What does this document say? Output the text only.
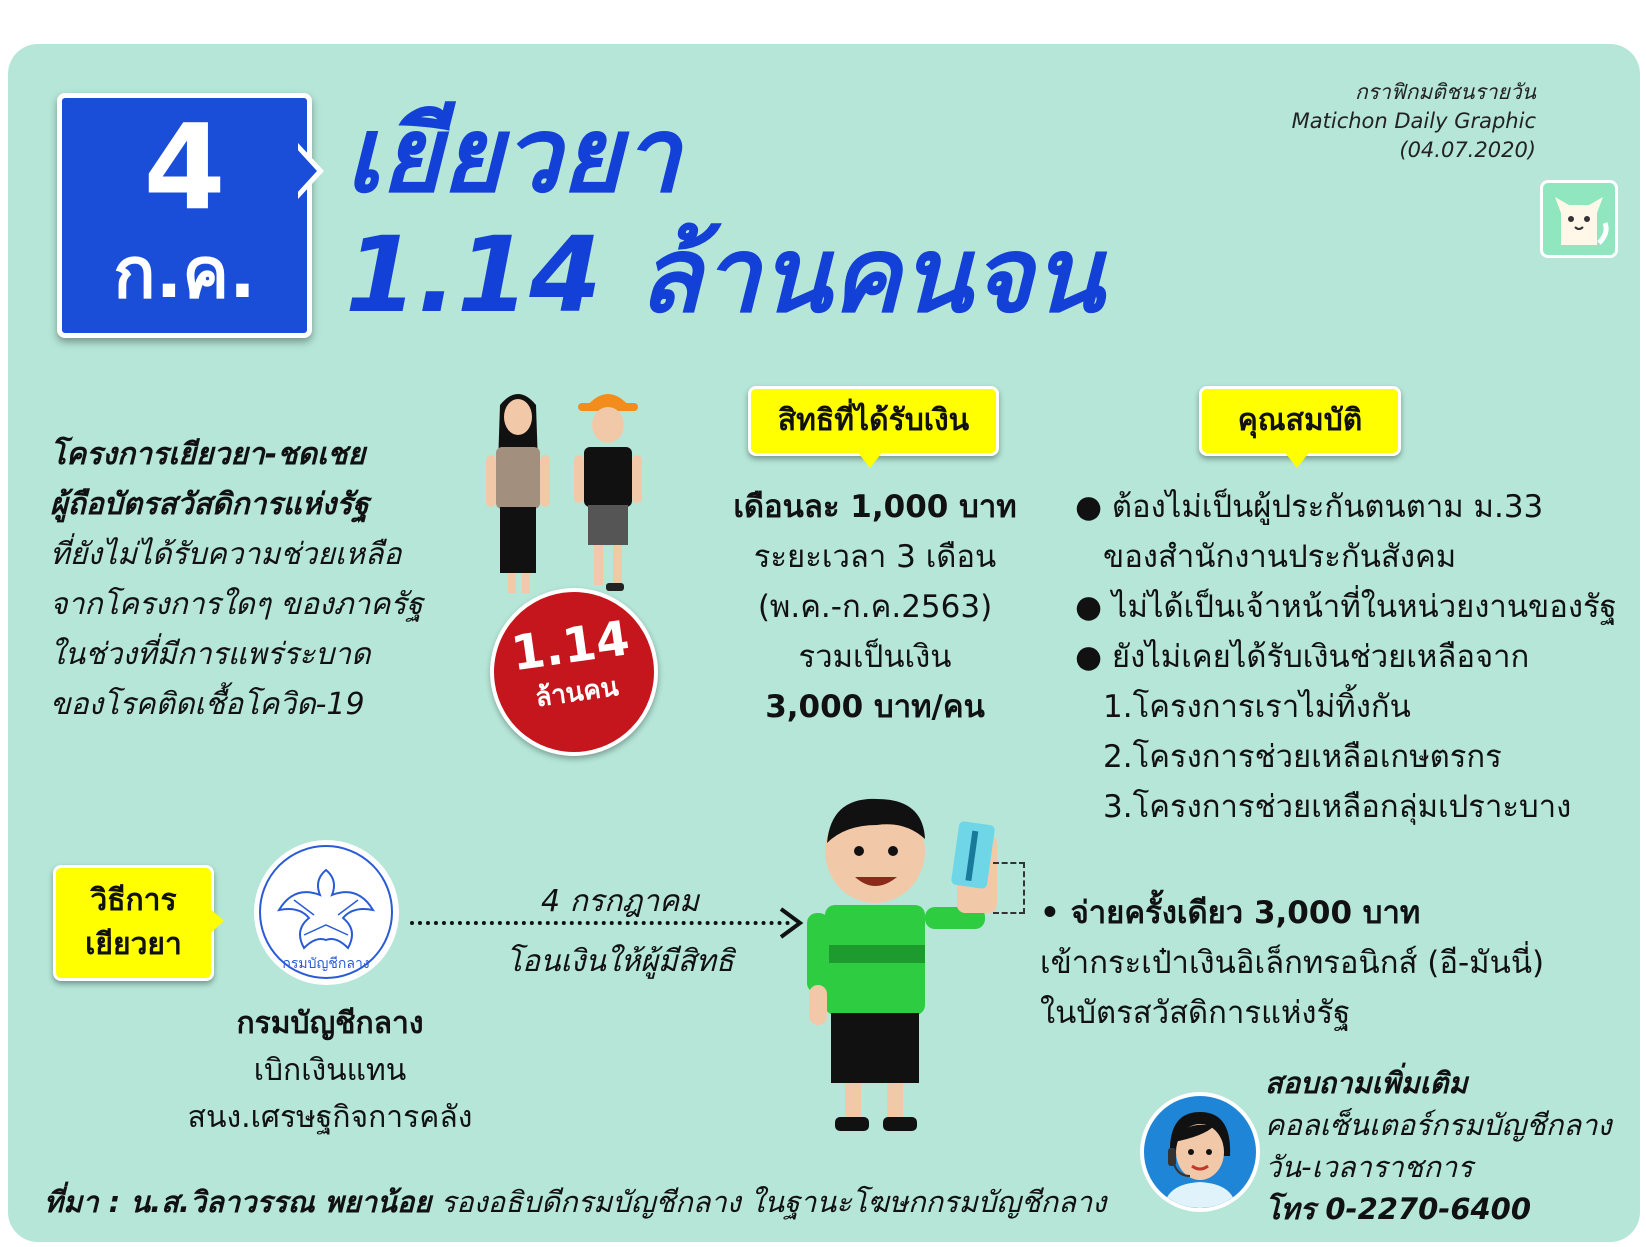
4
ก.ค.
เยียวยา
1.14 ล้านคนจน
กราฟิกมติชนรายวัน
Matichon Daily Graphic
(04.07.2020)
โครงการเยียวยา-ชดเชย
ผู้ถือบัตรสวัสดิการแห่งรัฐ
ที่ยังไม่ได้รับความช่วยเหลือ
จากโครงการใดๆ ของภาครัฐ
ในช่วงที่มีการแพร่ระบาด
ของโรคติดเชื้อโควิด-19
1.14
ล้านคน
สิทธิที่ได้รับเงิน
เดือนละ 1,000 บาท
ระยะเวลา 3 เดือน
(พ.ค.-ก.ค.2563)
รวมเป็นเงิน
3,000 บาท/คน
คุณสมบัติ
● ต้องไม่เป็นผู้ประกันตนตาม ม.33
ของสำนักงานประกันสังคม
● ไม่ได้เป็นเจ้าหน้าที่ในหน่วยงานของรัฐ
● ยังไม่เคยได้รับเงินช่วยเหลือจาก
1.โครงการเราไม่ทิ้งกัน
2.โครงการช่วยเหลือเกษตรกร
3.โครงการช่วยเหลือกลุ่มเปราะบาง
วิธีการ เยียวยา
กรมบัญชีกลาง
กรมบัญชีกลาง
เบิกเงินแทน
สนง.เศรษฐกิจการคลัง
4 กรกฎาคม
โอนเงินให้ผู้มีสิทธิ
• จ่ายครั้งเดียว 3,000 บาท
เข้ากระเป๋าเงินอิเล็กทรอนิกส์ (อี-มันนี่)
ในบัตรสวัสดิการแห่งรัฐ
สอบถามเพิ่มเติม
คอลเซ็นเตอร์กรมบัญชีกลาง
วัน-เวลาราชการ
โทร 0-2270-6400
ที่มา : น.ส.วิลาวรรณ พยาน้อย รองอธิบดีกรมบัญชีกลาง ในฐานะโฆษกกรมบัญชีกลาง
